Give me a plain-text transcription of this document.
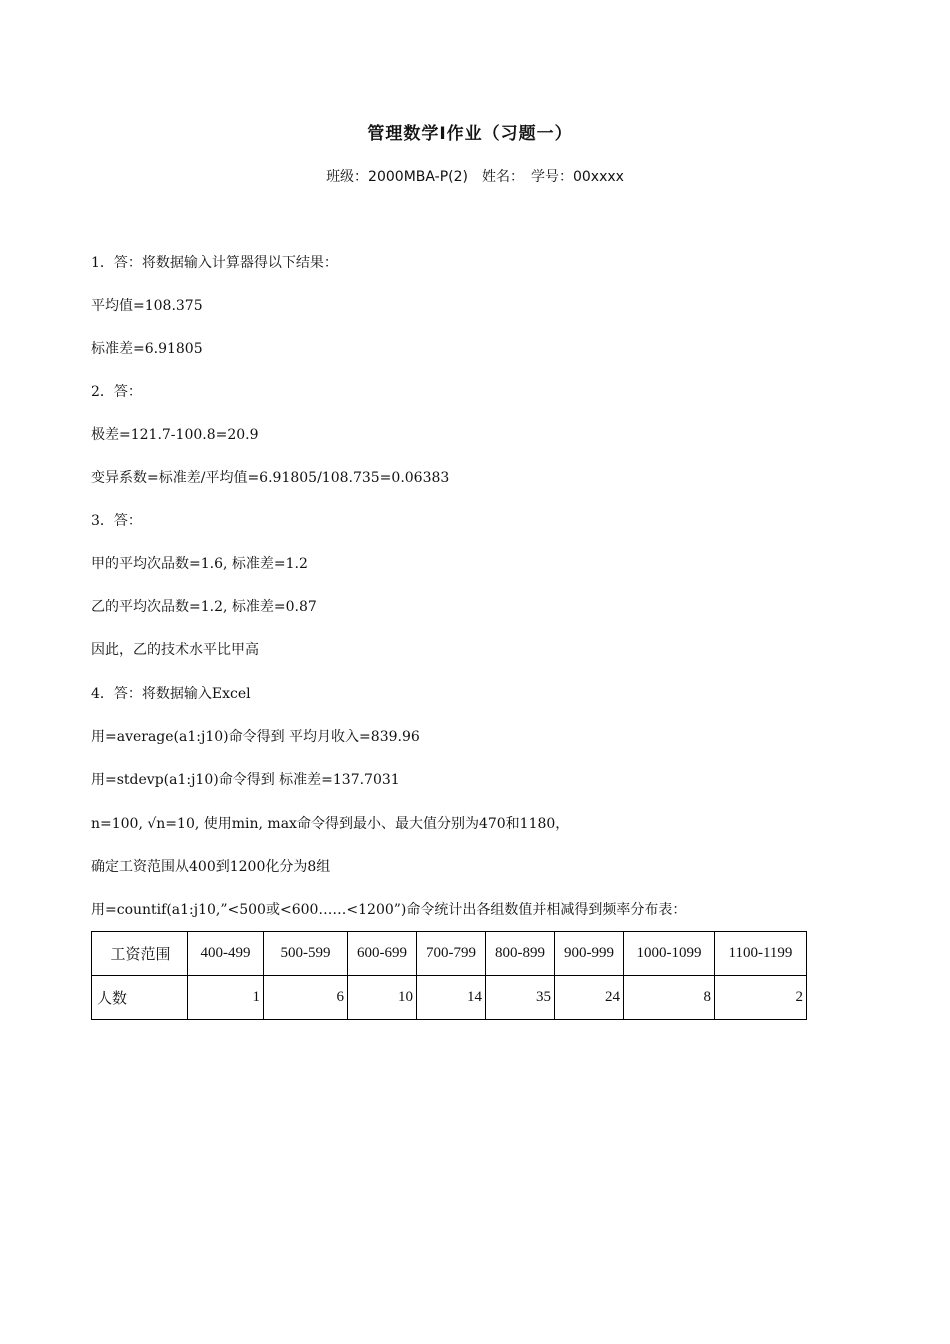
管理数学Ⅰ作业（习题一）
班级：2000MBA-P(2)　姓名：　学号：00xxxx
1．答：将数据输入计算器得以下结果：
平均值=108.375
标准差=6.91805
2．答：
极差=121.7-100.8=20.9
变异系数=标准差/平均值=6.91805/108.735=0.06383
3．答：
甲的平均次品数=1.6, 标准差=1.2
乙的平均次品数=1.2, 标准差=0.87
因此，乙的技术水平比甲高
4．答：将数据输入Excel
用=average(a1:j10)命令得到 平均月收入=839.96
用=stdevp(a1:j10)命令得到 标准差=137.7031
n=100, √n=10, 使用min, max命令得到最小、最大值分别为470和1180，
确定工资范围从400到1200化分为8组
用=countif(a1:j10,”<500或<600……<1200”)命令统计出各组数值并相减得到频率分布表：
工资范围	400-499	500-599	600-699	700-799	800-899	900-999	1000-1099	1100-1199
人数	1	6	10	14	35	24	8	2
